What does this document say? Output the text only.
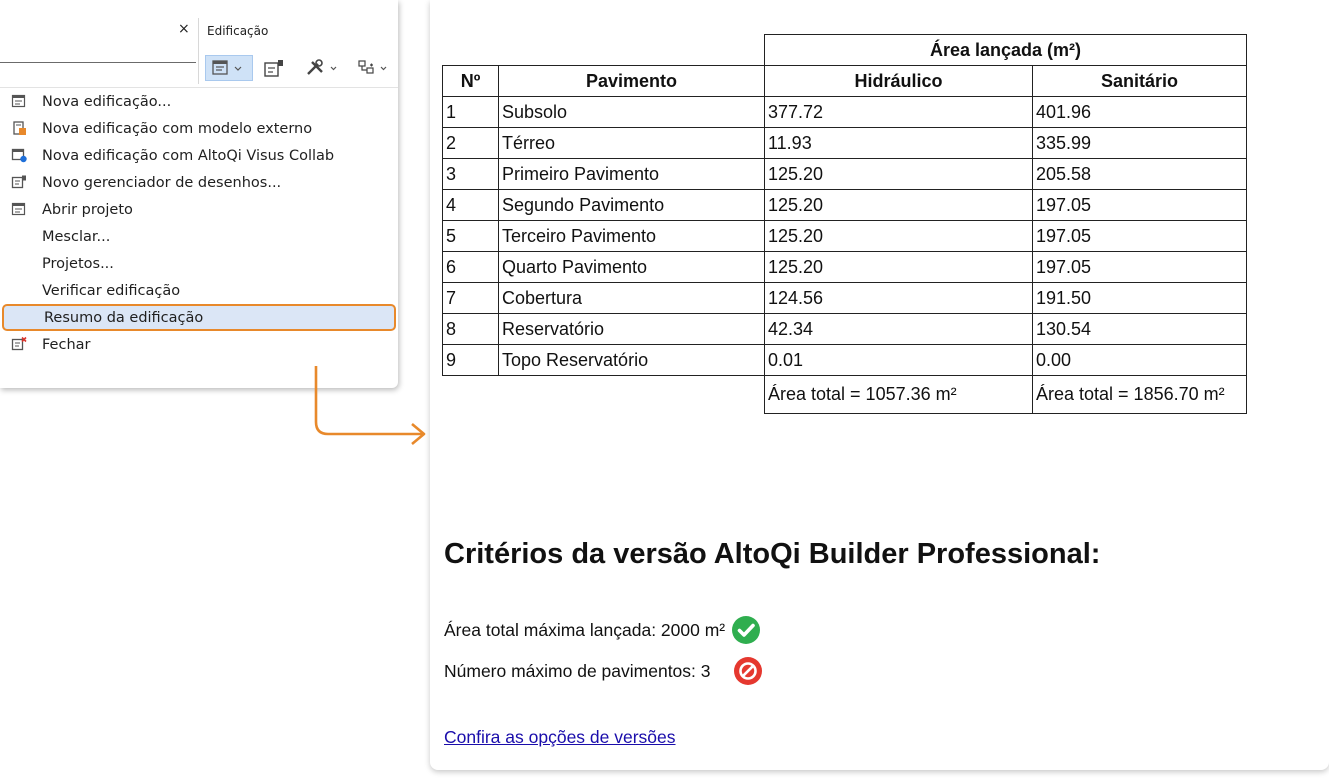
× Edificação
Nova edificação...
Nova edificação com modelo externo
Nova edificação com AltoQi Visus Collab
Novo gerenciador de desenhos...
Abrir projeto
Mesclar...
Projetos...
Verificar edificação
Resumo da edificação
Fechar
		Área lançada (m²)	
Nº	Pavimento	Hidráulico	Sanitário
1	Subsolo	377.72	401.96
2	Térreo	11.93	335.99
3	Primeiro Pavimento	125.20	205.58
4	Segundo Pavimento	125.20	197.05
5	Terceiro Pavimento	125.20	197.05
6	Quarto Pavimento	125.20	197.05
7	Cobertura	124.56	191.50
8	Reservatório	42.34	130.54
9	Topo Reservatório	0.01	0.00
		Área total = 1057.36 m²	Área total = 1856.70 m²
Critérios da versão AltoQi Builder Professional:
Área total máxima lançada: 2000 m²
Número máximo de pavimentos: 3
Confira as opções de versões
